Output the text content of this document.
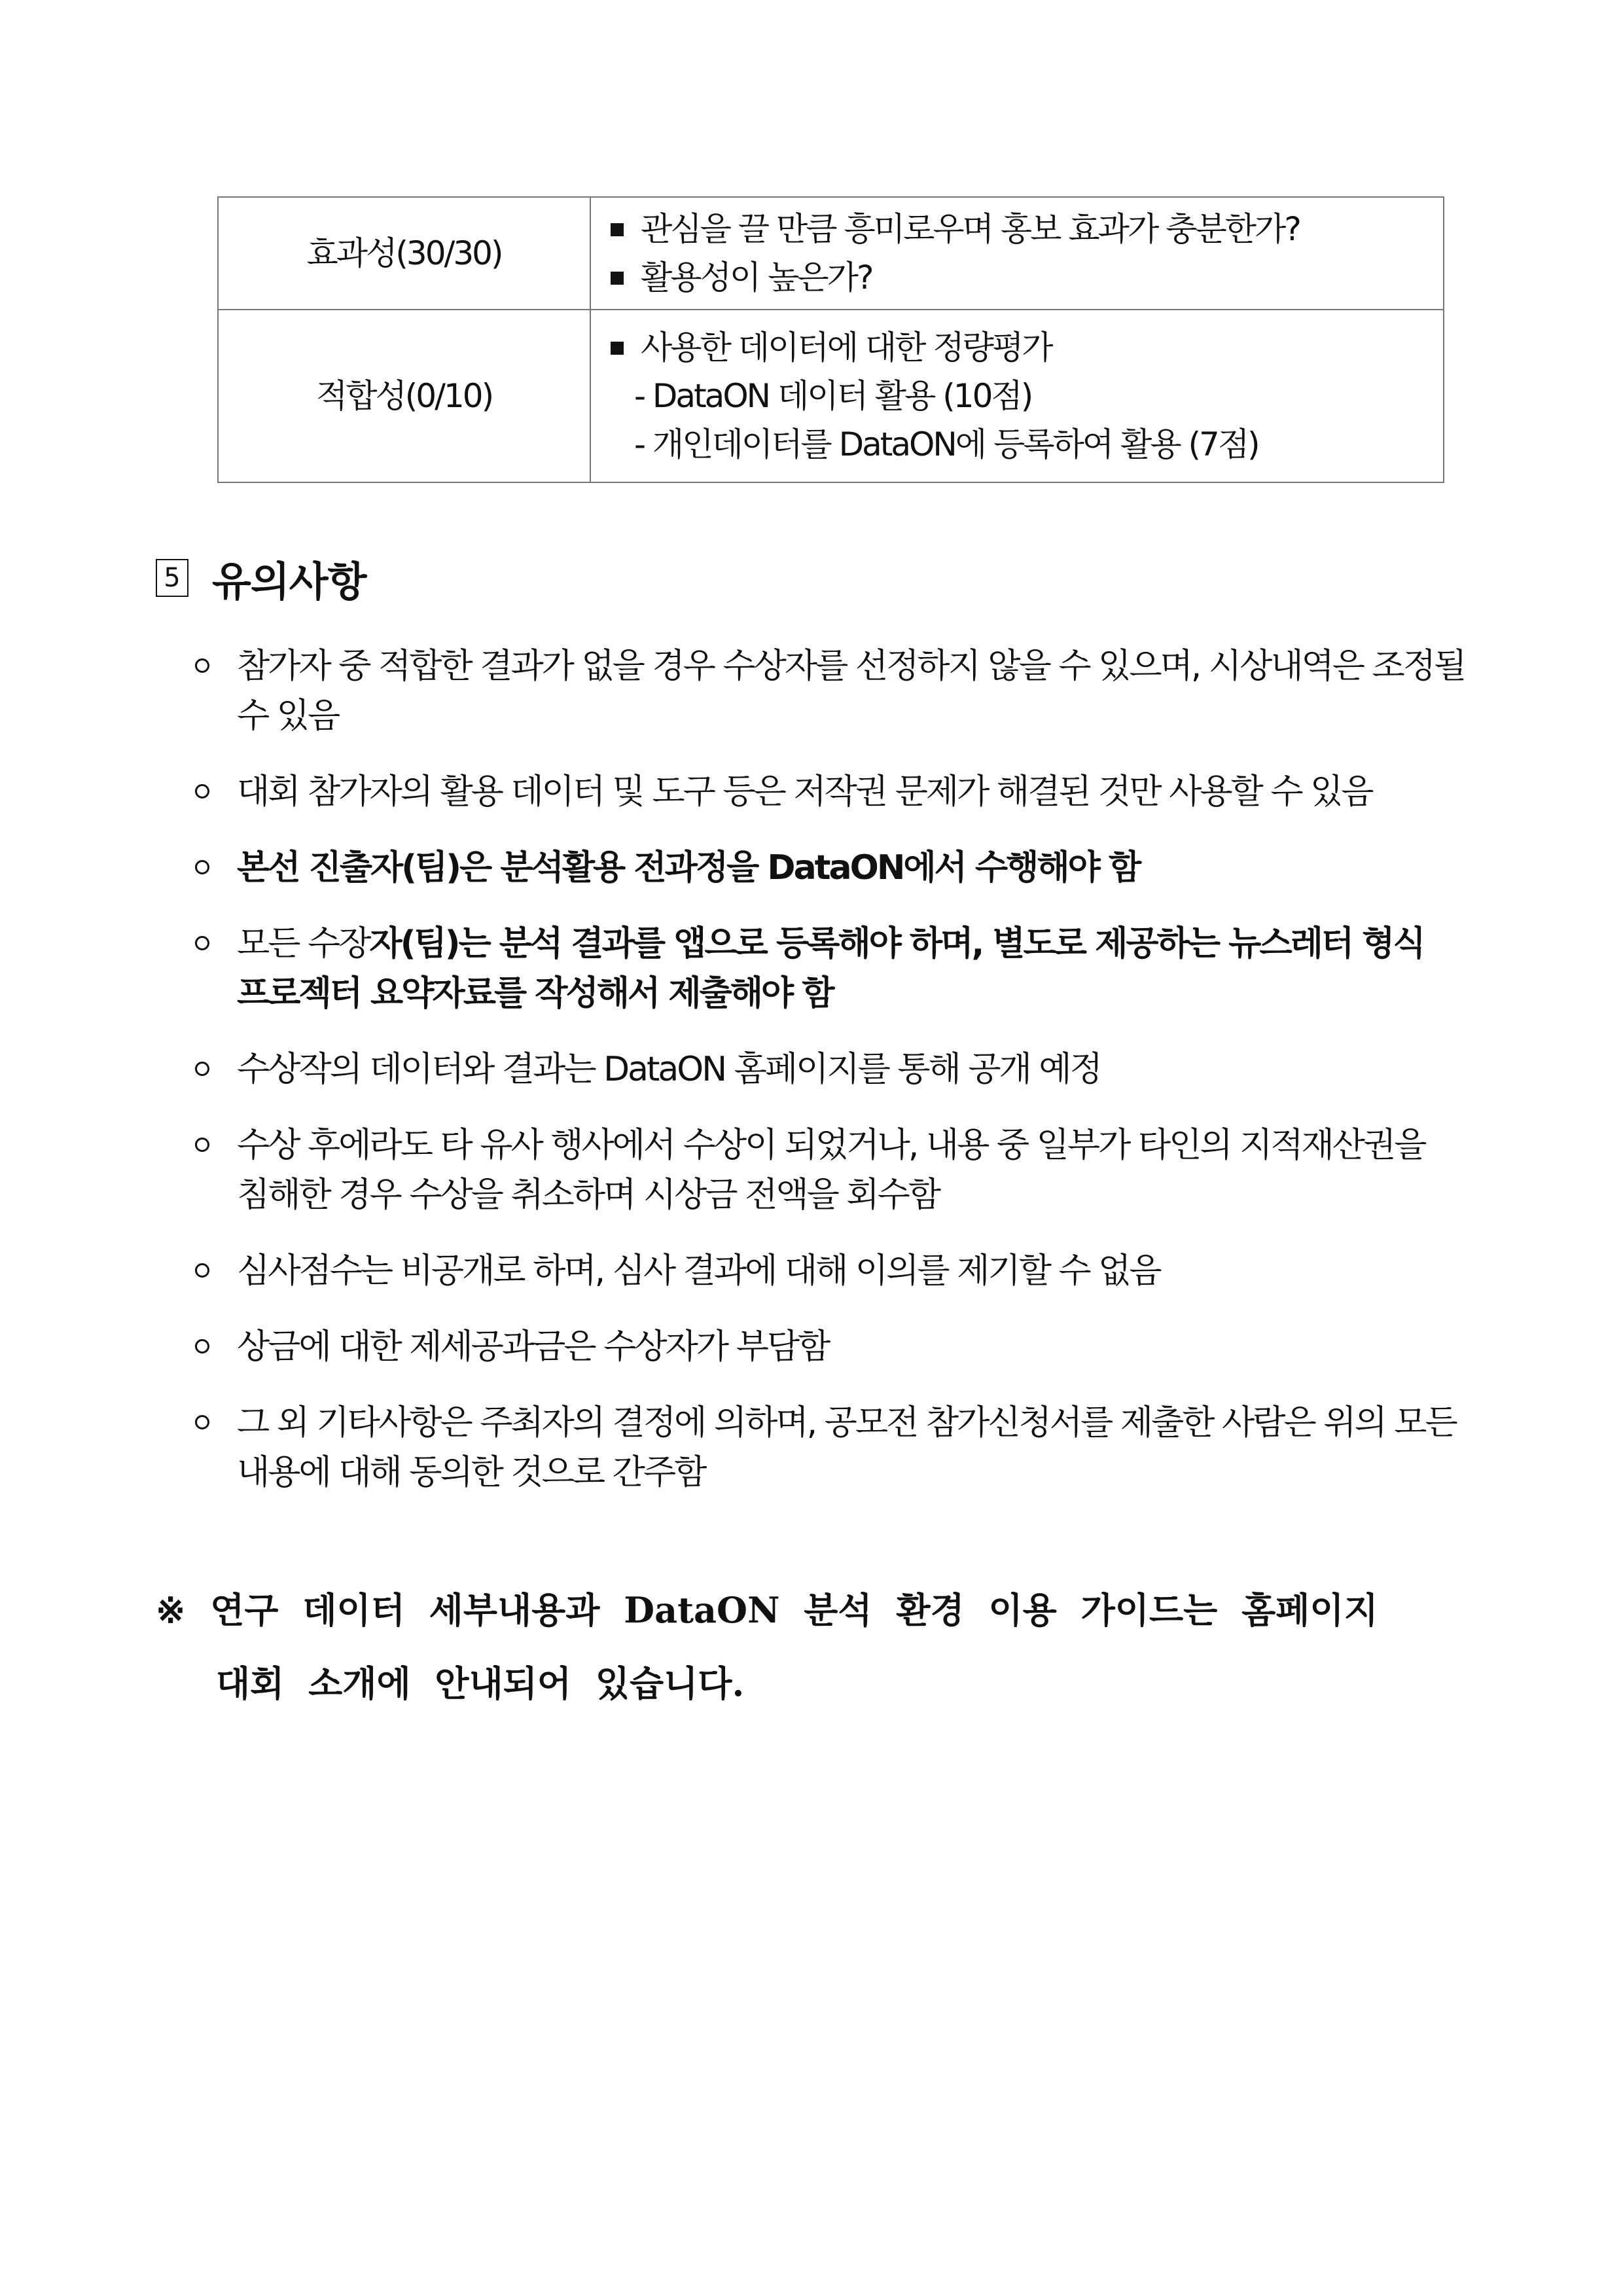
효과성(30/30)	관심을 끌 만큼 흥미로우며 홍보 효과가 충분한가?
활용성이 높은가?

적합성(0/10)	사용한 데이터에 대한 정량평가
- DataON 데이터 활용 (10점)
- 개인데이터를 DataON에 등록하여 활용 (7점)
5 유의사항
참가자 중 적합한 결과가 없을 경우 수상자를 선정하지 않을 수 있으며, 시상내역은 조정될 수 있음
대회 참가자의 활용 데이터 및 도구 등은 저작권 문제가 해결된 것만 사용할 수 있음
본선 진출자(팀)은 분석활용 전과정을 DataON에서 수행해야 함
모든 수장자(팀)는 분석 결과를 앱으로 등록해야 하며, 별도로 제공하는 뉴스레터 형식 프로젝터 요약자료를 작성해서 제출해야 함
수상작의 데이터와 결과는 DataON 홈페이지를 통해 공개 예정
수상 후에라도 타 유사 행사에서 수상이 되었거나, 내용 중 일부가 타인의 지적재산권을 침해한 경우 수상을 취소하며 시상금 전액을 회수함
심사점수는 비공개로 하며, 심사 결과에 대해 이의를 제기할 수 없음
상금에 대한 제세공과금은 수상자가 부담함
그 외 기타사항은 주최자의 결정에 의하며, 공모전 참가신청서를 제출한 사람은 위의 모든 내용에 대해 동의한 것으로 간주함
※ 연구 데이터 세부내용과 DataON 분석 환경 이용 가이드는 홈페이지
대회 소개에 안내되어 있습니다.
